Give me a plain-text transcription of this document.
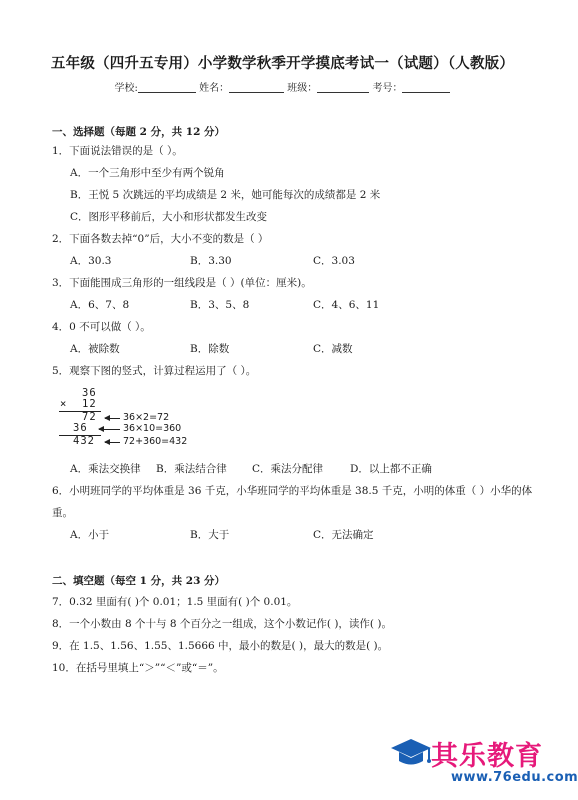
五年级（四升五专用）小学数学秋季开学摸底考试一（试题）（人教版）
学校:	姓名：	班级：	考号：
一、选择题（每题 2 分，共 12 分）
1．下面说法错误的是（ ）。
A．一个三角形中至少有两个锐角
B．王悦 5 次跳远的平均成绩是 2 米，她可能每次的成绩都是 2 米
C．图形平移前后，大小和形状都发生改变
2．下面各数去掉“0”后，大小不变的数是（ ）
A．30.3	B．3.30	C．3.03
3．下面能围成三角形的一组线段是（ ）(单位：厘米)。
A．6、7、8	B．3、5、8	C．4、6、11
4．0 不可以做（ ）。
A．被除数	B．除数	C．减数
5．观察下图的竖式，计算过程运用了（ ）。
36
× 12
72
36
432
36×2=72
36×10=360
72+360=432
A．乘法交换律 B．乘法结合律 C．乘法分配律	D．以上都不正确
6．小明班同学的平均体重是 36 千克，小华班同学的平均体重是 38.5 千克，小明的体重（ ）小华的体
重。
A．小于	B．大于	C．无法确定
二、填空题（每空 1 分，共 23 分）
7．0.32 里面有( )个 0.01；1.5 里面有( )个 0.01。
8．一个小数由 8 个十与 8 个百分之一组成，这个小数记作( )，读作( )。
9．在 1.5、1.56、1.55、1.5666 中，最小的数是( )，最大的数是( )。
10．在括号里填上“＞”“＜”或“＝”。
其乐教育
www.76edu.com
